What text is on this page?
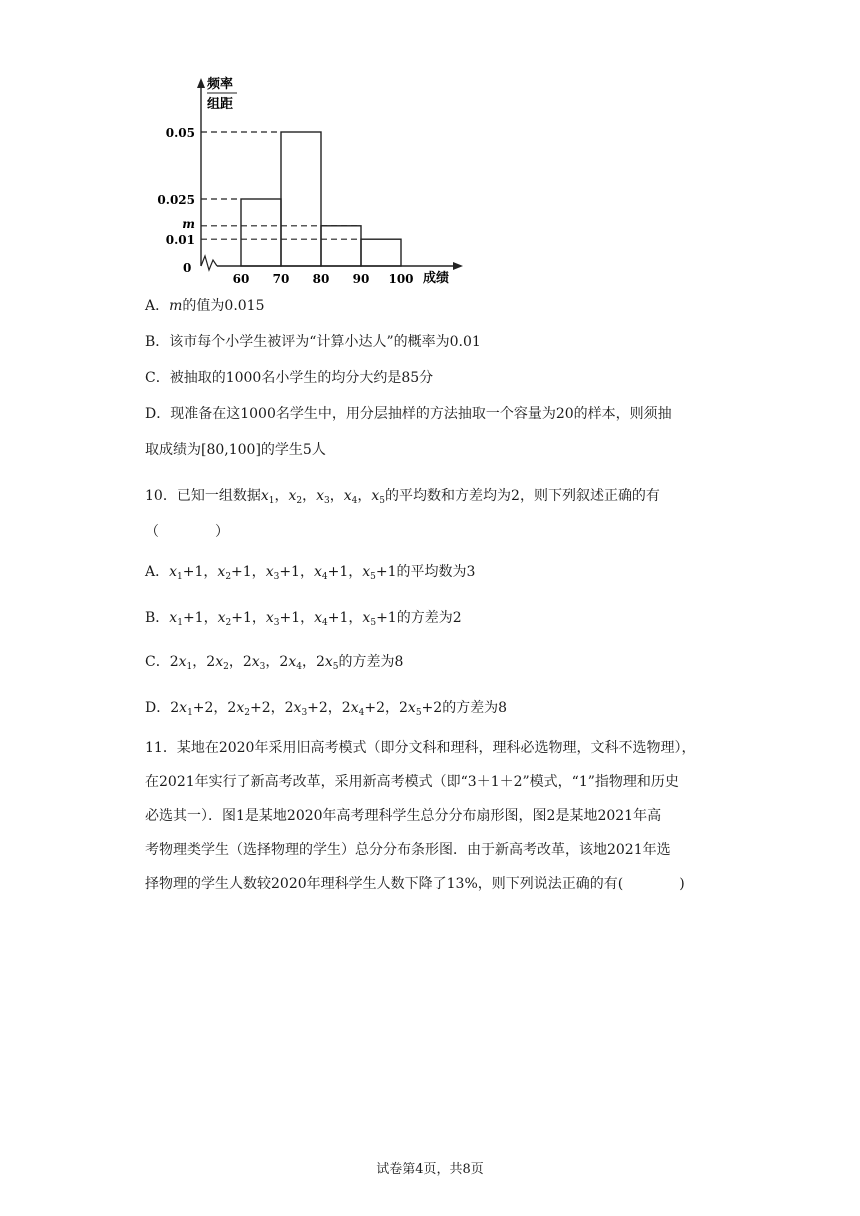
频率
组距
成绩
0
0.05
0.025
m
0.01
60 70 80 90 100
A．m的值为0.015
B．该市每个小学生被评为“计算小达人”的概率为0.01
C．被抽取的1000名小学生的均分大约是85分
D．现准备在这1000名学生中，用分层抽样的方法抽取一个容量为20的样本，则须抽
取成绩为[80,100]的学生5人
10．已知一组数据$x_1$，$x_2$，$x_3$，$x_4$，$x_5$的平均数和方差均为2，则下列叙述正确的有
（　　　　）
A．$x_1+1$，$x_2+1$，$x_3+1$，$x_4+1$，$x_5+1$的平均数为3
B．$x_1+1$，$x_2+1$，$x_3+1$，$x_4+1$，$x_5+1$的方差为2
C．$2x_1$，$2x_2$，$2x_3$，$2x_4$，$2x_5$的方差为8
D．$2x_1+2$，$2x_2+2$，$2x_3+2$，$2x_4+2$，$2x_5+2$的方差为8
11．某地在2020年采用旧高考模式（即分文科和理科，理科必选物理，文科不选物理），
在2021年实行了新高考改革，采用新高考模式（即“3＋1＋2”模式，“1”指物理和历史
必选其一）．图1是某地2020年高考理科学生总分分布扇形图，图2是某地2021年高
考物理类学生（选择物理的学生）总分分布条形图．由于新高考改革，该地2021年选
择物理的学生人数较2020年理科学生人数下降了13%，则下列说法正确的有(　　　　)
试卷第4页，共8页
